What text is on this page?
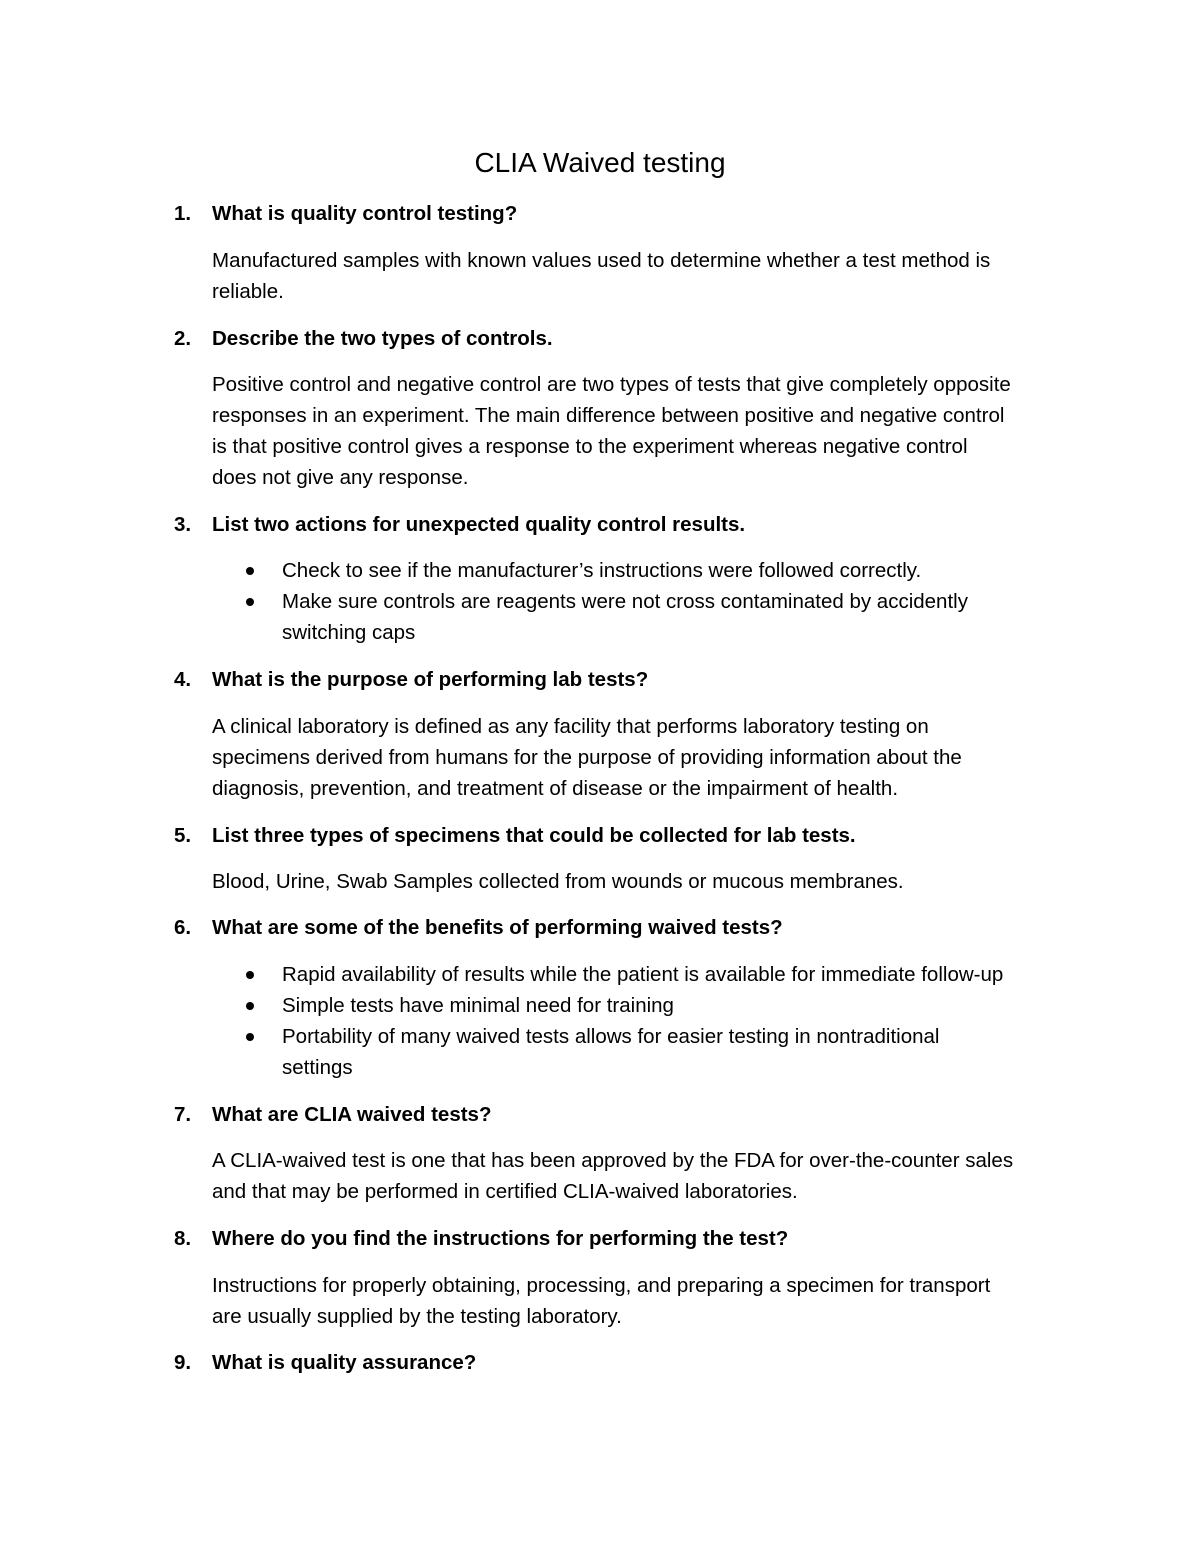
CLIA Waived testing
1. What is quality control testing?
Manufactured samples with known values used to determine whether a test method is
reliable.
2. Describe the two types of controls.
Positive control and negative control are two types of tests that give completely opposite
responses in an experiment. The main difference between positive and negative control
is that positive control gives a response to the experiment whereas negative control
does not give any response.
3. List two actions for unexpected quality control results.
Check to see if the manufacturer’s instructions were followed correctly.
Make sure controls are reagents were not cross contaminated by accidently
switching caps
4. What is the purpose of performing lab tests?
A clinical laboratory is defined as any facility that performs laboratory testing on
specimens derived from humans for the purpose of providing information about the
diagnosis, prevention, and treatment of disease or the impairment of health.
5. List three types of specimens that could be collected for lab tests.
Blood, Urine, Swab Samples collected from wounds or mucous membranes.
6. What are some of the benefits of performing waived tests?
Rapid availability of results while the patient is available for immediate follow-up
Simple tests have minimal need for training
Portability of many waived tests allows for easier testing in nontraditional
settings
7. What are CLIA waived tests?
A CLIA-waived test is one that has been approved by the FDA for over-the-counter sales
and that may be performed in certified CLIA-waived laboratories.
8. Where do you find the instructions for performing the test?
Instructions for properly obtaining, processing, and preparing a specimen for transport
are usually supplied by the testing laboratory.
9. What is quality assurance?
